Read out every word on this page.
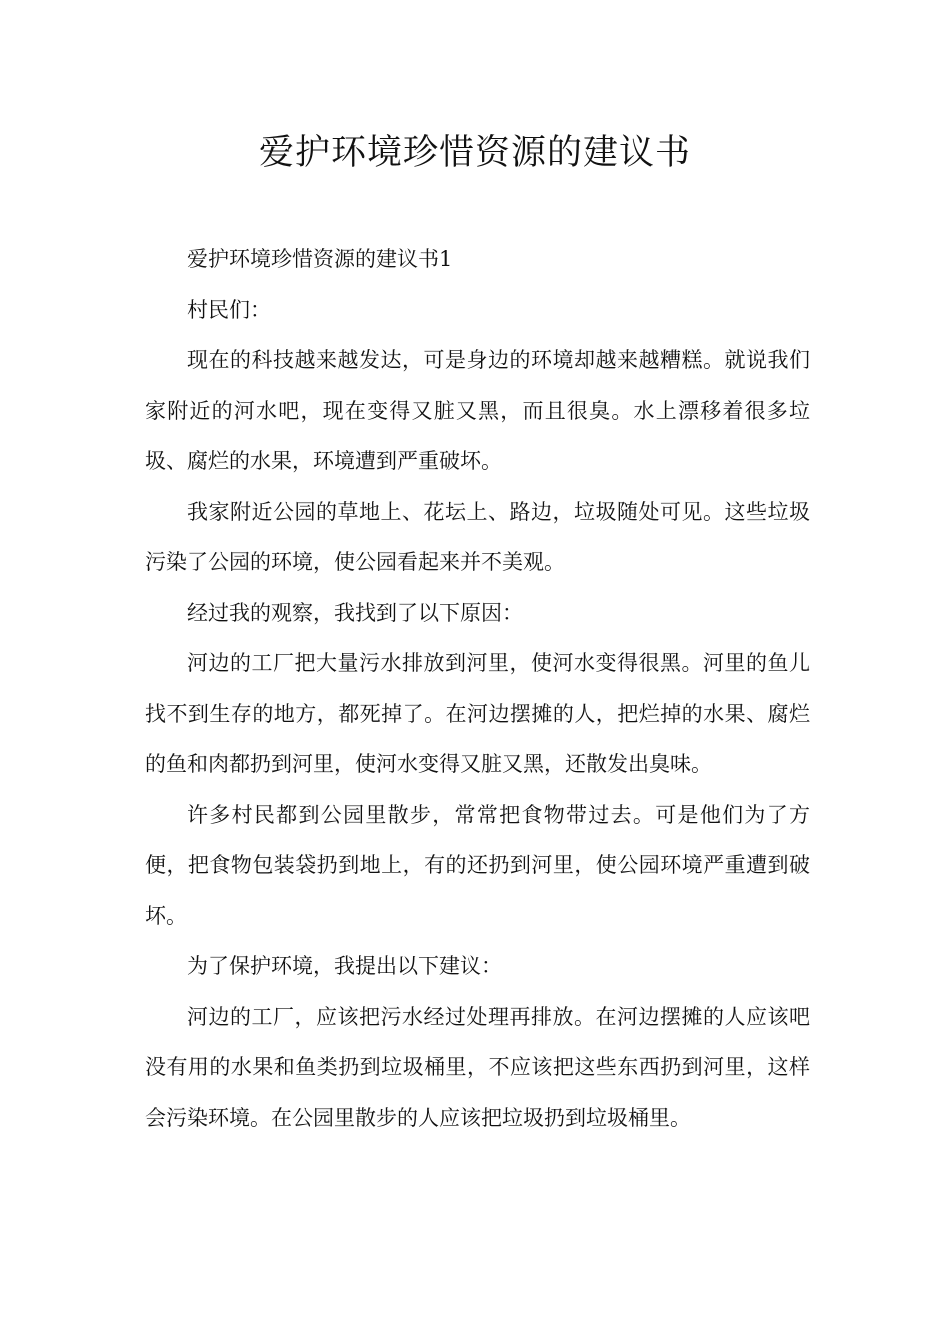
爱护环境珍惜资源的建议书

爱护环境珍惜资源的建议书1

村民们：

现在的科技越来越发达，可是身边的环境却越来越糟糕。就说我们家附近的河水吧，现在变得又脏又黑，而且很臭。水上漂移着很多垃圾、腐烂的水果，环境遭到严重破坏。

我家附近公园的草地上、花坛上、路边，垃圾随处可见。这些垃圾污染了公园的环境，使公园看起来并不美观。

经过我的观察，我找到了以下原因：

河边的工厂把大量污水排放到河里，使河水变得很黑。河里的鱼儿找不到生存的地方，都死掉了。在河边摆摊的人，把烂掉的水果、腐烂的鱼和肉都扔到河里，使河水变得又脏又黑，还散发出臭味。

许多村民都到公园里散步，常常把食物带过去。可是他们为了方便，把食物包装袋扔到地上，有的还扔到河里，使公园环境严重遭到破坏。

为了保护环境，我提出以下建议：

河边的工厂，应该把污水经过处理再排放。在河边摆摊的人应该吧没有用的水果和鱼类扔到垃圾桶里，不应该把这些东西扔到河里，这样会污染环境。在公园里散步的人应该把垃圾扔到垃圾桶里。
